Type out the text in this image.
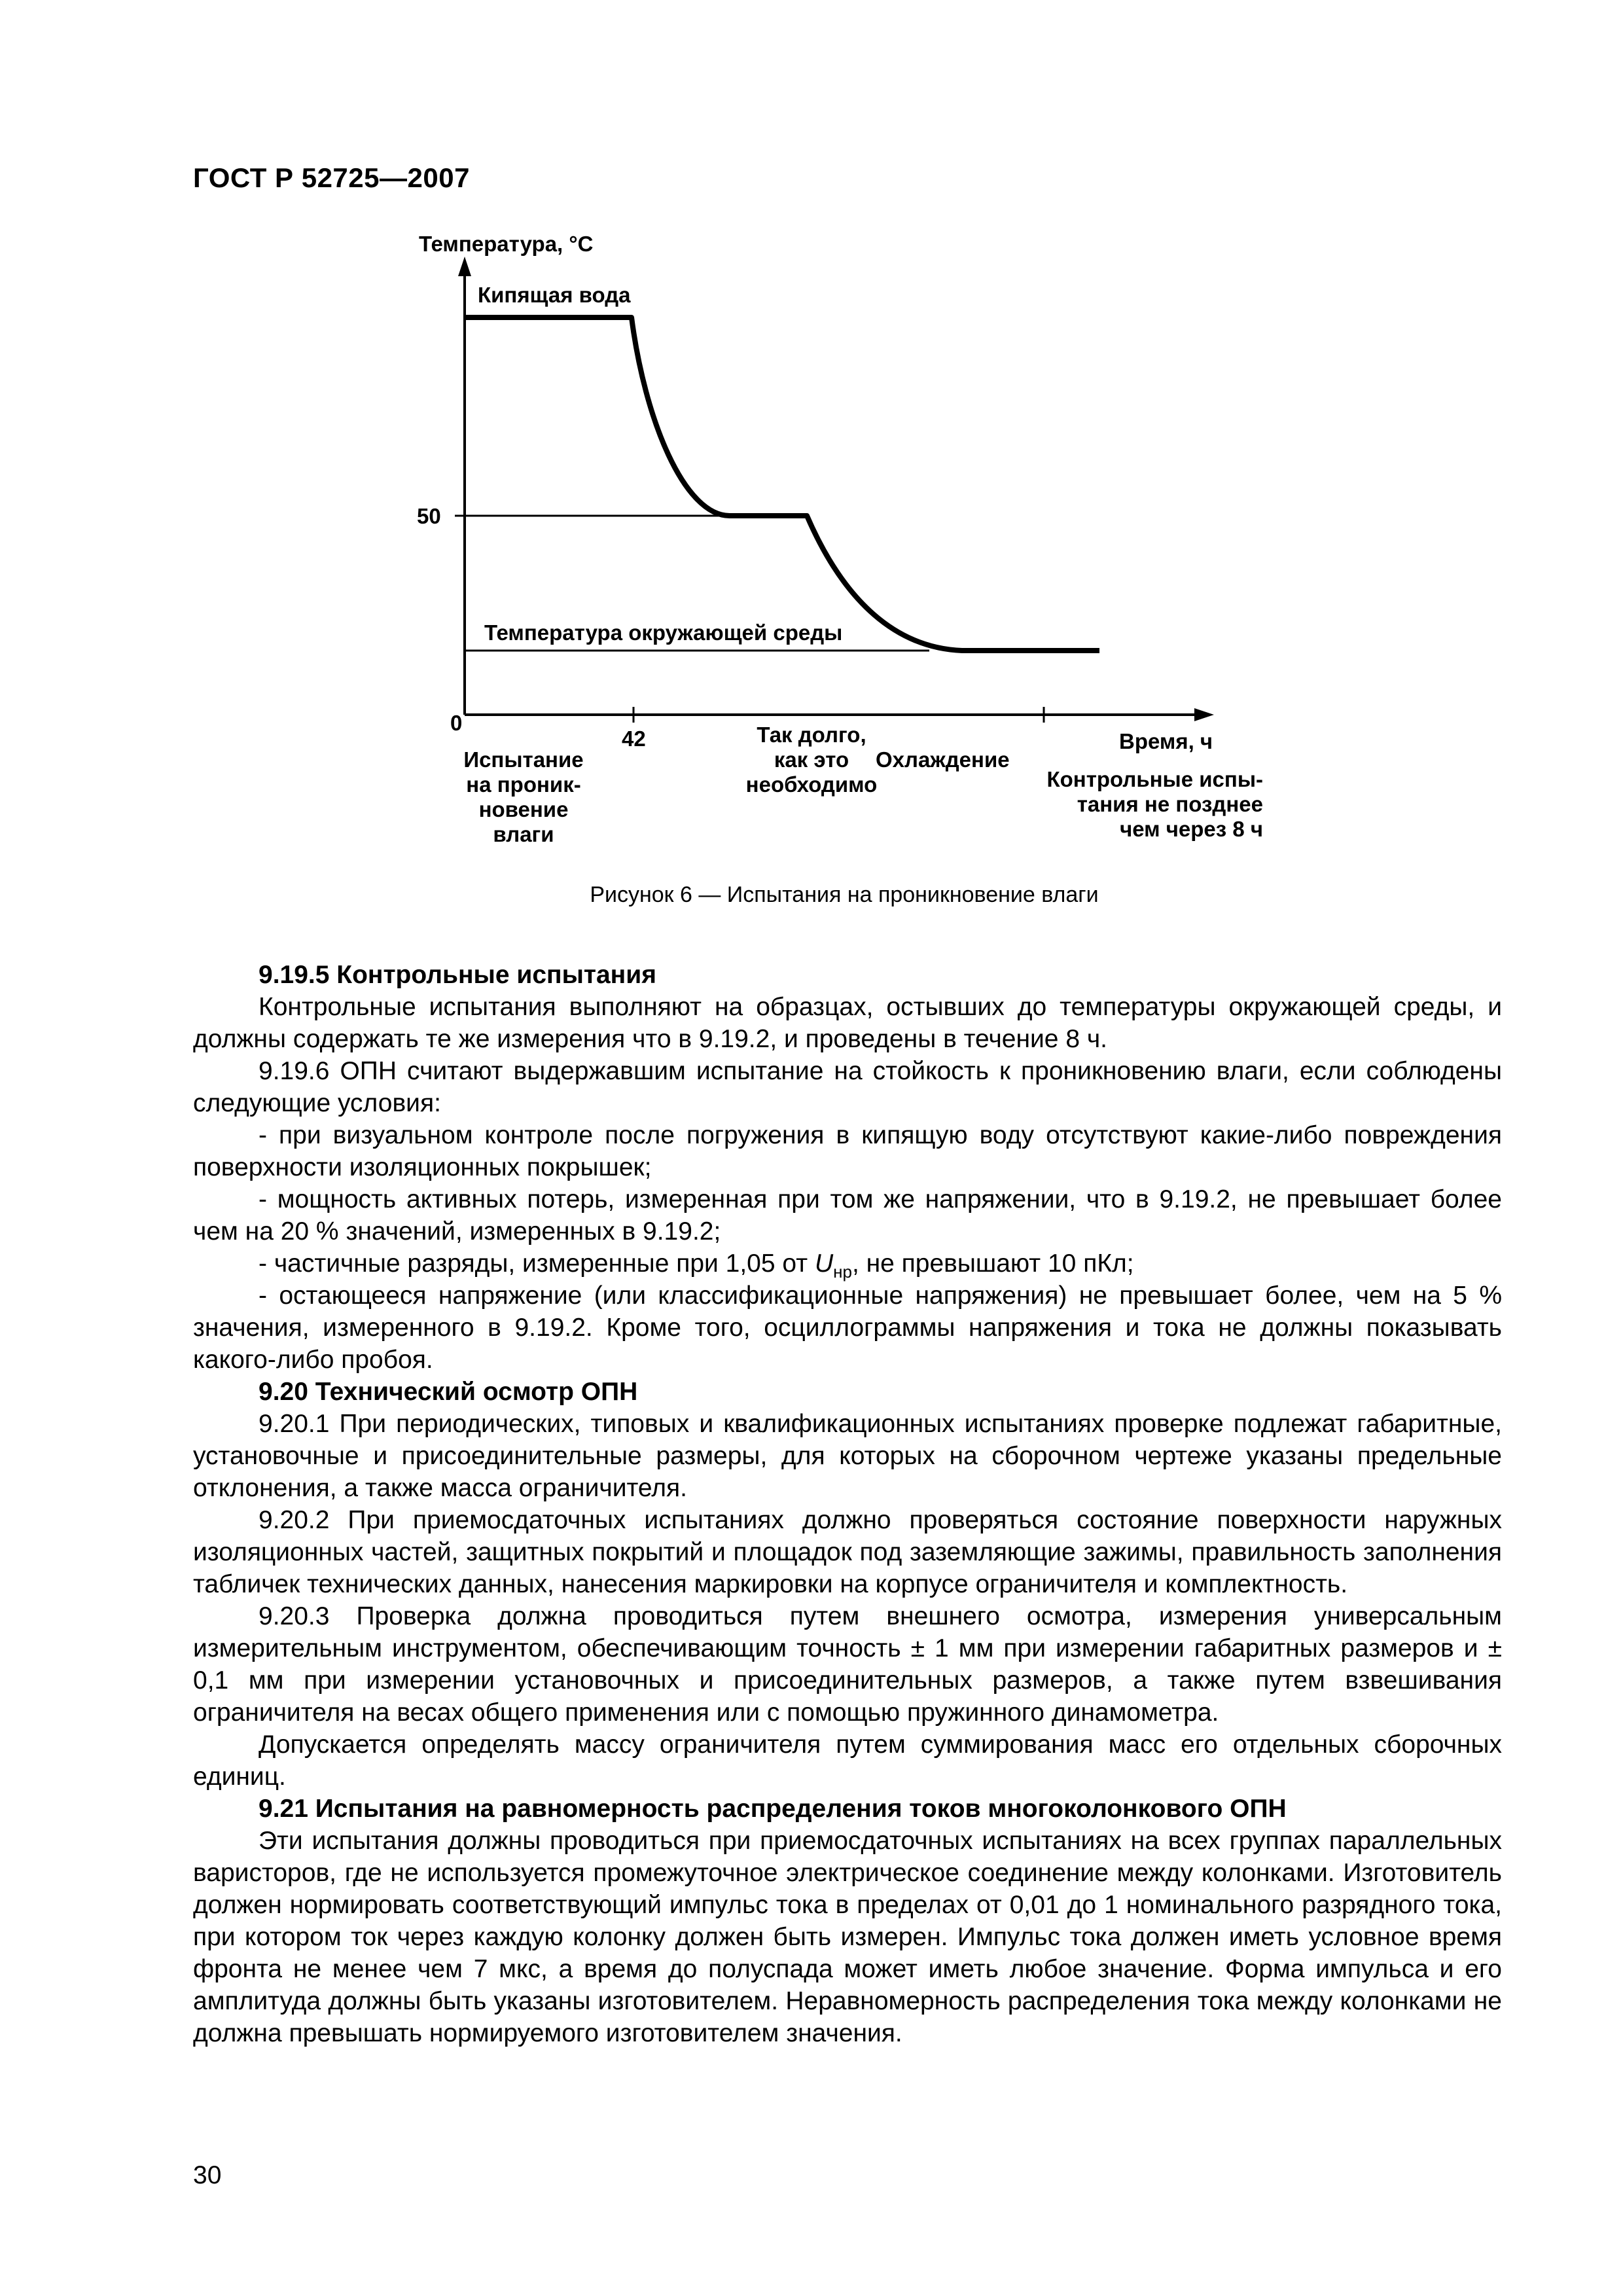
ГОСТ Р 52725—2007
Температура, °С
Кипящая вода
50
Температура окружающей среды
0
42
Испытание
на проник-
новение
влаги
Так долго,
как это
необходимо
Охлаждение
Время, ч
Контрольные испы-
тания не позднее
чем через 8 ч
Рисунок 6 — Испытания на проникновение влаги

9.19.5 Контрольные испытания

Контрольные испытания выполняют на образцах, остывших до температуры окружающей среды, и должны содержать те же измерения что в 9.19.2, и проведены в течение 8 ч.

9.19.6 ОПН считают выдержавшим испытание на стойкость к проникновению влаги, если соблюдены следующие условия:

- при визуальном контроле после погружения в кипящую воду отсутствуют какие-либо повреждения поверхности изоляционных покрышек;

- мощность активных потерь, измеренная при том же напряжении, что в 9.19.2, не превышает более чем на 20 % значений, измеренных в 9.19.2;

- частичные разряды, измеренные при 1,05 от $U_{нр}$, не превышают 10 пКл;

- остающееся напряжение (или классификационные напряжения) не превышает более, чем на 5 % значения, измеренного в 9.19.2. Кроме того, осциллограммы напряжения и тока не должны показывать какого-либо пробоя.

9.20 Технический осмотр ОПН

9.20.1 При периодических, типовых и квалификационных испытаниях проверке подлежат габаритные, установочные и присоединительные размеры, для которых на сборочном чертеже указаны предельные отклонения, а также масса ограничителя.

9.20.2 При приемосдаточных испытаниях должно проверяться состояние поверхности наружных изоляционных частей, защитных покрытий и площадок под заземляющие зажимы, правильность заполнения табличек технических данных, нанесения маркировки на корпусе ограничителя и комплектность.

9.20.3 Проверка должна проводиться путем внешнего осмотра, измерения универсальным измерительным инструментом, обеспечивающим точность ± 1 мм при измерении габаритных размеров и ± 0,1 мм при измерении установочных и присоединительных размеров, а также путем взвешивания ограничителя на весах общего применения или с помощью пружинного динамометра.

Допускается определять массу ограничителя путем суммирования масс его отдельных сборочных единиц.

9.21 Испытания на равномерность распределения токов многоколонкового ОПН

Эти испытания должны проводиться при приемосдаточных испытаниях на всех группах параллельных варисторов, где не используется промежуточное электрическое соединение между колонками. Изготовитель должен нормировать соответствующий импульс тока в пределах от 0,01 до 1 номинального разрядного тока, при котором ток через каждую колонку должен быть измерен. Импульс тока должен иметь условное время фронта не менее чем 7 мкс, а время до полуспада может иметь любое значение. Форма импульса и его амплитуда должны быть указаны изготовителем. Неравномерность распределения тока между колонками не должна превышать нормируемого изготовителем значения.

30
